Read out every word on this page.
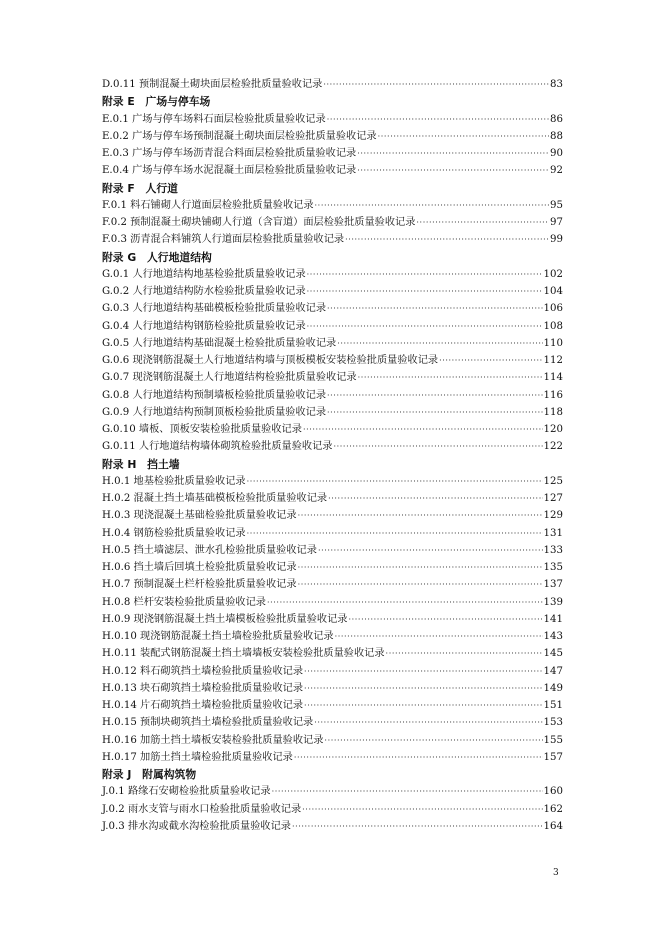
D.0.11 预制混凝土砌块面层检验批质量验收记录 ·····	83
附录 E　广场与停车场
E.0.1 广场与停车场料石面层检验批质量验收记录 ·····	86
E.0.2 广场与停车场预制混凝土砌块面层检验批质量验收记录 ·····	88
E.0.3 广场与停车场沥青混合料面层检验批质量验收记录 ·····	90
E.0.4 广场与停车场水泥混凝土面层检验批质量验收记录 ·····	92
附录 F　人行道
F.0.1 料石铺砌人行道面层检验批质量验收记录 ·····	95
F.0.2 预制混凝土砌块铺砌人行道（含盲道）面层检验批质量验收记录 ·····	97
F.0.3 沥青混合料铺筑人行道面层检验批质量验收记录 ·····	99
附录 G　人行地道结构
G.0.1 人行地道结构地基检验批质量验收记录 ·····	102
G.0.2 人行地道结构防水检验批质量验收记录 ·····	104
G.0.3 人行地道结构基础模板检验批质量验收记录 ·····	106
G.0.4 人行地道结构钢筋检验批质量验收记录 ·····	108
G.0.5 人行地道结构基础混凝土检验批质量验收记录 ·····	110
G.0.6 现浇钢筋混凝土人行地道结构墙与顶板模板安装检验批质量验收记录 ·····	112
G.0.7 现浇钢筋混凝土人行地道结构检验批质量验收记录 ·····	114
G.0.8 人行地道结构预制墙板检验批质量验收记录 ·····	116
G.0.9 人行地道结构预制顶板检验批质量验收记录 ·····	118
G.0.10 墙板、顶板安装检验批质量验收记录 ·····	120
G.0.11 人行地道结构墙体砌筑检验批质量验收记录 ·····	122
附录 H　挡土墙
H.0.1 地基检验批质量验收记录 ·····	125
H.0.2 混凝土挡土墙基础模板检验批质量验收记录 ·····	127
H.0.3 现浇混凝土基础检验批质量验收记录 ·····	129
H.0.4 钢筋检验批质量验收记录 ·····	131
H.0.5 挡土墙滤层、泄水孔检验批质量验收记录 ·····	133
H.0.6 挡土墙后回填土检验批质量验收记录 ·····	135
H.0.7 预制混凝土栏杆检验批质量验收记录 ·····	137
H.0.8 栏杆安装检验批质量验收记录 ·····	139
H.0.9 现浇钢筋混凝土挡土墙模板检验批质量验收记录 ·····	141
H.0.10 现浇钢筋混凝土挡土墙检验批质量验收记录 ·····	143
H.0.11 装配式钢筋混凝土挡土墙墙板安装检验批质量验收记录 ·····	145
H.0.12 料石砌筑挡土墙检验批质量验收记录 ·····	147
H.0.13 块石砌筑挡土墙检验批质量验收记录 ·····	149
H.0.14 片石砌筑挡土墙检验批质量验收记录 ·····	151
H.0.15 预制块砌筑挡土墙检验批质量验收记录 ·····	153
H.0.16 加筋土挡土墙板安装检验批质量验收记录 ·····	155
H.0.17 加筋土挡土墙检验批质量验收记录 ·····	157
附录 J　附属构筑物
J.0.1 路缘石安砌检验批质量验收记录 ·····	160
J.0.2 雨水支管与雨水口检验批质量验收记录 ·····	162
J.0.3 排水沟或截水沟检验批质量验收记录 ·····	164
3
